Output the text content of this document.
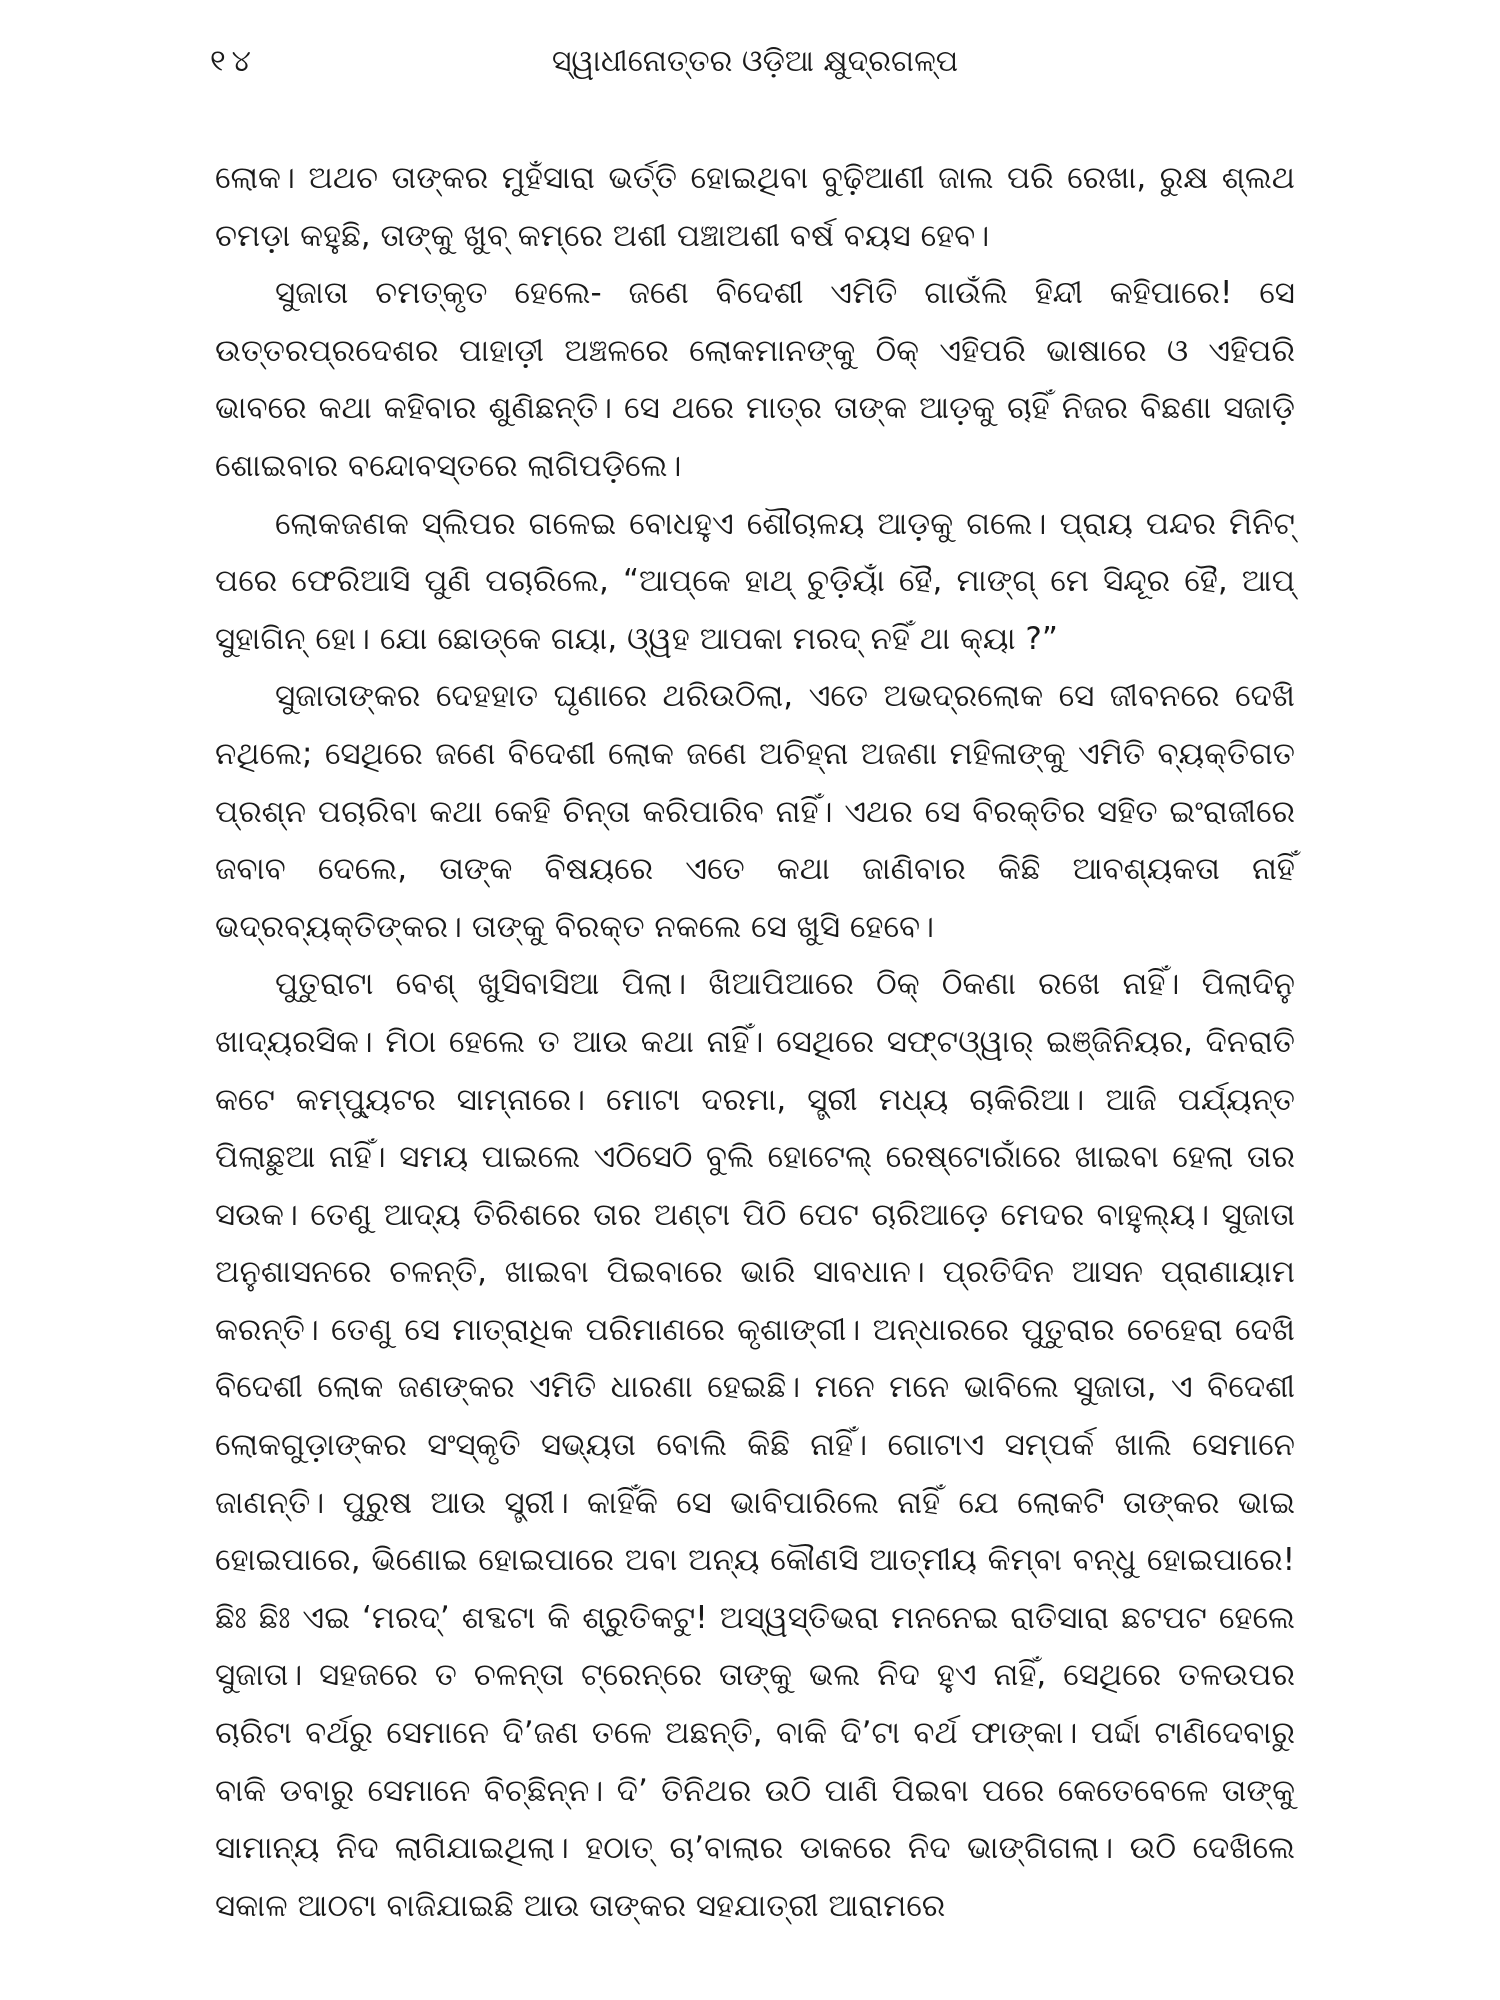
୧୪	ସ୍ୱାଧୀନୋତ୍ତର ଓଡ଼ିଆ କ୍ଷୁଦ୍ରଗଳ୍ପ

ଲୋକ। ଅଥଚ ତାଙ୍କର ମୁହଁସାରା ଭର୍ତ୍ତି ହୋଇଥିବା ବୁଢ଼ିଆଣୀ ଜାଲ ପରି ରେଖା, ରୁକ୍ଷ ଶ୍ଲଥ ଚମଡ଼ା କହୁଛି, ତାଙ୍କୁ ଖୁବ୍ କମ୍‌ରେ ଅଶୀ ପଞ୍ଚାଅଶୀ ବର୍ଷ ବୟସ ହେବ।

ସୁଜାତା ଚମତ୍କୃତ ହେଲେ- ଜଣେ ବିଦେଶୀ ଏମିତି ଗାଉଁଲି ହିନ୍ଦୀ କହିପାରେ! ସେ ଉତ୍ତରପ୍ରଦେଶର ପାହାଡ଼ୀ ଅଞ୍ଚଳରେ ଲୋକମାନଙ୍କୁ ଠିକ୍ ଏହିପରି ଭାଷାରେ ଓ ଏହିପରି ଭାବରେ କଥା କହିବାର ଶୁଣିଛନ୍ତି। ସେ ଥରେ ମାତ୍ର ତାଙ୍କ ଆଡ଼କୁ ଚାହିଁ ନିଜର ବିଛଣା ସଜାଡ଼ି ଶୋଇବାର ବନ୍ଦୋବସ୍ତରେ ଲାଗିପଡ଼ିଲେ।

ଲୋକଜଣକ ସ୍ଲିପର ଗଳେଇ ବୋଧହୁଏ ଶୌଚାଳୟ ଆଡ଼କୁ ଗଲେ। ପ୍ରାୟ ପନ୍ଦର ମିନିଟ୍ ପରେ ଫେରିଆସି ପୁଣି ପଚାରିଲେ, “ଆପ୍‌କେ ହାଥ୍ ଚୁଡ଼ିୟାଁ ହୈ, ମାଙ୍ଗ୍ ମେ ସିନ୍ଦୂର ହୈ, ଆପ୍ ସୁହାଗିନ୍ ହୋ। ଯୋ ଛୋଡ୍‌କେ ଗୟା, ଓ୍ୱହ ଆପକା ମରଦ୍ ନହିଁ ଥା କ୍ୟା ?”

ସୁଜାତାଙ୍କର ଦେହହାତ ଘୃଣାରେ ଥରିଉଠିଲା, ଏତେ ଅଭଦ୍ରଲୋକ ସେ ଜୀବନରେ ଦେଖି ନଥିଲେ; ସେଥିରେ ଜଣେ ବିଦେଶୀ ଲୋକ ଜଣେ ଅଚିହ୍ନା ଅଜଣା ମହିଳାଙ୍କୁ ଏମିତି ବ୍ୟକ୍ତିଗତ ପ୍ରଶ୍ନ ପଚାରିବା କଥା କେହି ଚିନ୍ତା କରିପାରିବ ନାହିଁ। ଏଥର ସେ ବିରକ୍ତିର ସହିତ ଇଂରାଜୀରେ ଜବାବ ଦେଲେ, ତାଙ୍କ ବିଷୟରେ ଏତେ କଥା ଜାଣିବାର କିଛି ଆବଶ୍ୟକତା ନାହିଁ ଭଦ୍ରବ୍ୟକ୍ତିଙ୍କର। ତାଙ୍କୁ ବିରକ୍ତ ନକଲେ ସେ ଖୁସି ହେବେ।

ପୁତୁରାଟା ବେଶ୍ ଖୁସିବାସିଆ ପିଲା। ଖିଆପିଆରେ ଠିକ୍ ଠିକଣା ରଖେ ନାହିଁ। ପିଲାଦିନୁ ଖାଦ୍ୟରସିକ। ମିଠା ହେଲେ ତ ଆଉ କଥା ନାହିଁ। ସେଥିରେ ସଫ୍ଟଓ୍ୱାର୍ ଇଞ୍ଜିନିୟର, ଦିନରାତି କଟେ କମ୍ପ୍ୟୁଟର ସାମ୍ନାରେ। ମୋଟା ଦରମା, ସ୍ତ୍ରୀ ମଧ୍ୟ ଚାକିରିଆ। ଆଜି ପର୍ଯ୍ୟନ୍ତ ପିଲାଛୁଆ ନାହିଁ। ସମୟ ପାଇଲେ ଏଠିସେଠି ବୁଲି ହୋଟେଲ୍ ରେଷ୍ଟୋରାଁରେ ଖାଇବା ହେଲା ତାର ସଉକ। ତେଣୁ ଆଦ୍ୟ ତିରିଶରେ ତାର ଅଣ୍ଟା ପିଠି ପେଟ ଚାରିଆଡ଼େ ମେଦର ବାହୁଲ୍ୟ। ସୁଜାତା ଅନୁଶାସନରେ ଚଳନ୍ତି, ଖାଇବା ପିଇବାରେ ଭାରି ସାବଧାନ। ପ୍ରତିଦିନ ଆସନ ପ୍ରାଣାୟାମ କରନ୍ତି। ତେଣୁ ସେ ମାତ୍ରାଧିକ ପରିମାଣରେ କୃଶାଙ୍ଗୀ। ଅନ୍ଧାରରେ ପୁତୁରାର ଚେହେରା ଦେଖି ବିଦେଶୀ ଲୋକ ଜଣଙ୍କର ଏମିତି ଧାରଣା ହେଇଛି। ମନେ ମନେ ଭାବିଲେ ସୁଜାତା, ଏ ବିଦେଶୀ ଲୋକଗୁଡ଼ାଙ୍କର ସଂସ୍କୃତି ସଭ୍ୟତା ବୋଲି କିଛି ନାହିଁ। ଗୋଟାଏ ସମ୍ପର୍କ ଖାଲି ସେମାନେ ଜାଣନ୍ତି। ପୁରୁଷ ଆଉ ସ୍ତ୍ରୀ। କାହିଁକି ସେ ଭାବିପାରିଲେ ନାହିଁ ଯେ ଲୋକଟି ତାଙ୍କର ଭାଇ ହୋଇପାରେ, ଭିଣୋଇ ହୋଇପାରେ ଅବା ଅନ୍ୟ କୌଣସି ଆତ୍ମୀୟ କିମ୍ବା ବନ୍ଧୁ ହୋଇପାରେ! ଛିଃ ଛିଃ ଏଇ ‘ମରଦ୍’ ଶବ୍ଦଟା କି ଶ୍ରୁତିକଟୁ! ଅସ୍ୱସ୍ତିଭରା ମନନେଇ ରାତିସାରା ଛଟପଟ ହେଲେ ସୁଜାତା। ସହଜରେ ତ ଚଳନ୍ତା ଟ୍ରେନ୍‌ରେ ତାଙ୍କୁ ଭଲ ନିଦ ହୁଏ ନାହିଁ, ସେଥିରେ ତଳଉପର ଚାରିଟା ବର୍ଥରୁ ସେମାନେ ଦି’ଜଣ ତଳେ ଅଛନ୍ତି, ବାକି ଦି’ଟା ବର୍ଥ ଫାଙ୍କା। ପର୍ଦ୍ଦା ଟାଣିଦେବାରୁ ବାକି ଡବାରୁ ସେମାନେ ବିଚ୍ଛିନ୍ନ। ଦି’ ତିନିଥର ଉଠି ପାଣି ପିଇବା ପରେ କେତେବେଳେ ତାଙ୍କୁ ସାମାନ୍ୟ ନିଦ ଲାଗିଯାଇଥିଲା। ହଠାତ୍ ଚା’ବାଲାର ଡାକରେ ନିଦ ଭାଙ୍ଗିଗଲା। ଉଠି ଦେଖିଲେ ସକାଳ ଆଠଟା ବାଜିଯାଇଛି ଆଉ ତାଙ୍କର ସହଯାତ୍ରୀ ଆରାମରେ
